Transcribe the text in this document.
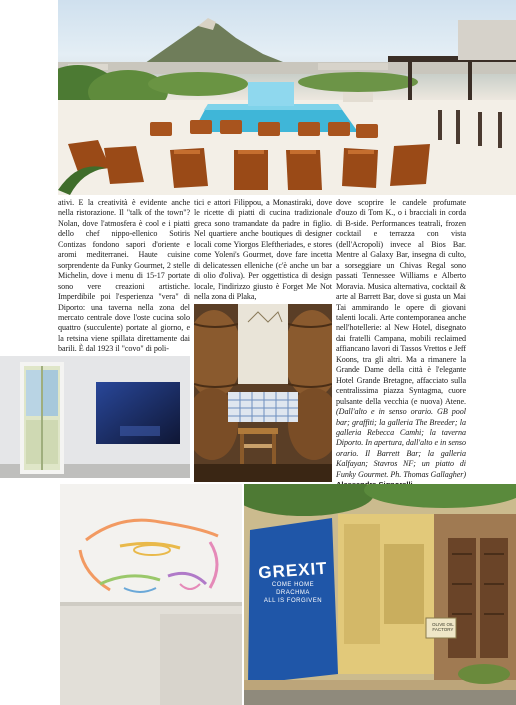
ativi. E la creatività è evidente anche nella ristorazione. Il "talk of the town"? Nolan, dove l'atmosfera è cool e i piatti dello chef nippo-ellenico Sotiris Contizas fondono sapori d'oriente e aromi mediterranei. Haute cuisine sorprendente da Funky Gourmet, 2 stelle Michelin, dove i menu di 15-17 portate sono vere creazioni artistiche. Imperdibile poi l'esperienza "vera" di Diporto: una taverna nella zona del mercato centrale dove l'oste cucina solo quattro (succulente) portate al giorno, e la retsina viene spillata direttamente dai barili. È dal 1923 il "covo" di poli-

tici e attori Filippou, a Monastiraki, dove le ricette di piatti di cucina tradizionale greca sono tramandate da padre in figlio. Nel quartiere anche boutiques di designer locali come Yiorgos Eleftheriades, e stores come Yoleni's Gourmet, dove fare incetta di delicatessen elleniche (c'è anche un bar di olio d'oliva). Per oggettistica di design locale, l'indirizzo giusto è Forget Me Not nella zona di Plaka,

dove scoprire le candele profumate d'ouzo di Tom K., o i bracciali in corda di B-side. Performances teatrali, frozen cocktail e terrazza con vista (dell'Acropoli) invece al Bios Bar. Mentre al Galaxy Bar, insegna di culto, a sorseggiare un Chivas Regal sono passati Tennessee Williams e Alberto Moravia. Musica alternativa, cocktail & arte al Barrett Bar, dove si gusta un Mai Tai ammirando le opere di giovani talenti locali. Arte contemporanea anche nell'hotellerie: al New Hotel, disegnato dai fratelli Campana, mobili reclaimed affiancano lavori di Tassos Vrettos e Jeff Koons, tra gli altri. Ma a rimanere la Grande Dame della città è l'elegante Hotel Grande Bretagne, affacciato sulla centralissima piazza Syntagma, cuore pulsante della vecchia (e nuova) Atene. (Dall'alto e in senso orario. GB pool bar; graffiti; la galleria The Breeder; la galleria Rebecca Camhi; la taverna Diporto. In apertura, dall'alto e in senso orario. Il Barrett Bar; la galleria Kalfayan; Stavros NF; un piatto di Funky Gourmet. Ph. Thomas Gallagher)

GREXIT
COME HOME
DRACHMA
ALL IS FORGIVEN
OLIVE OIL
FACTORY
